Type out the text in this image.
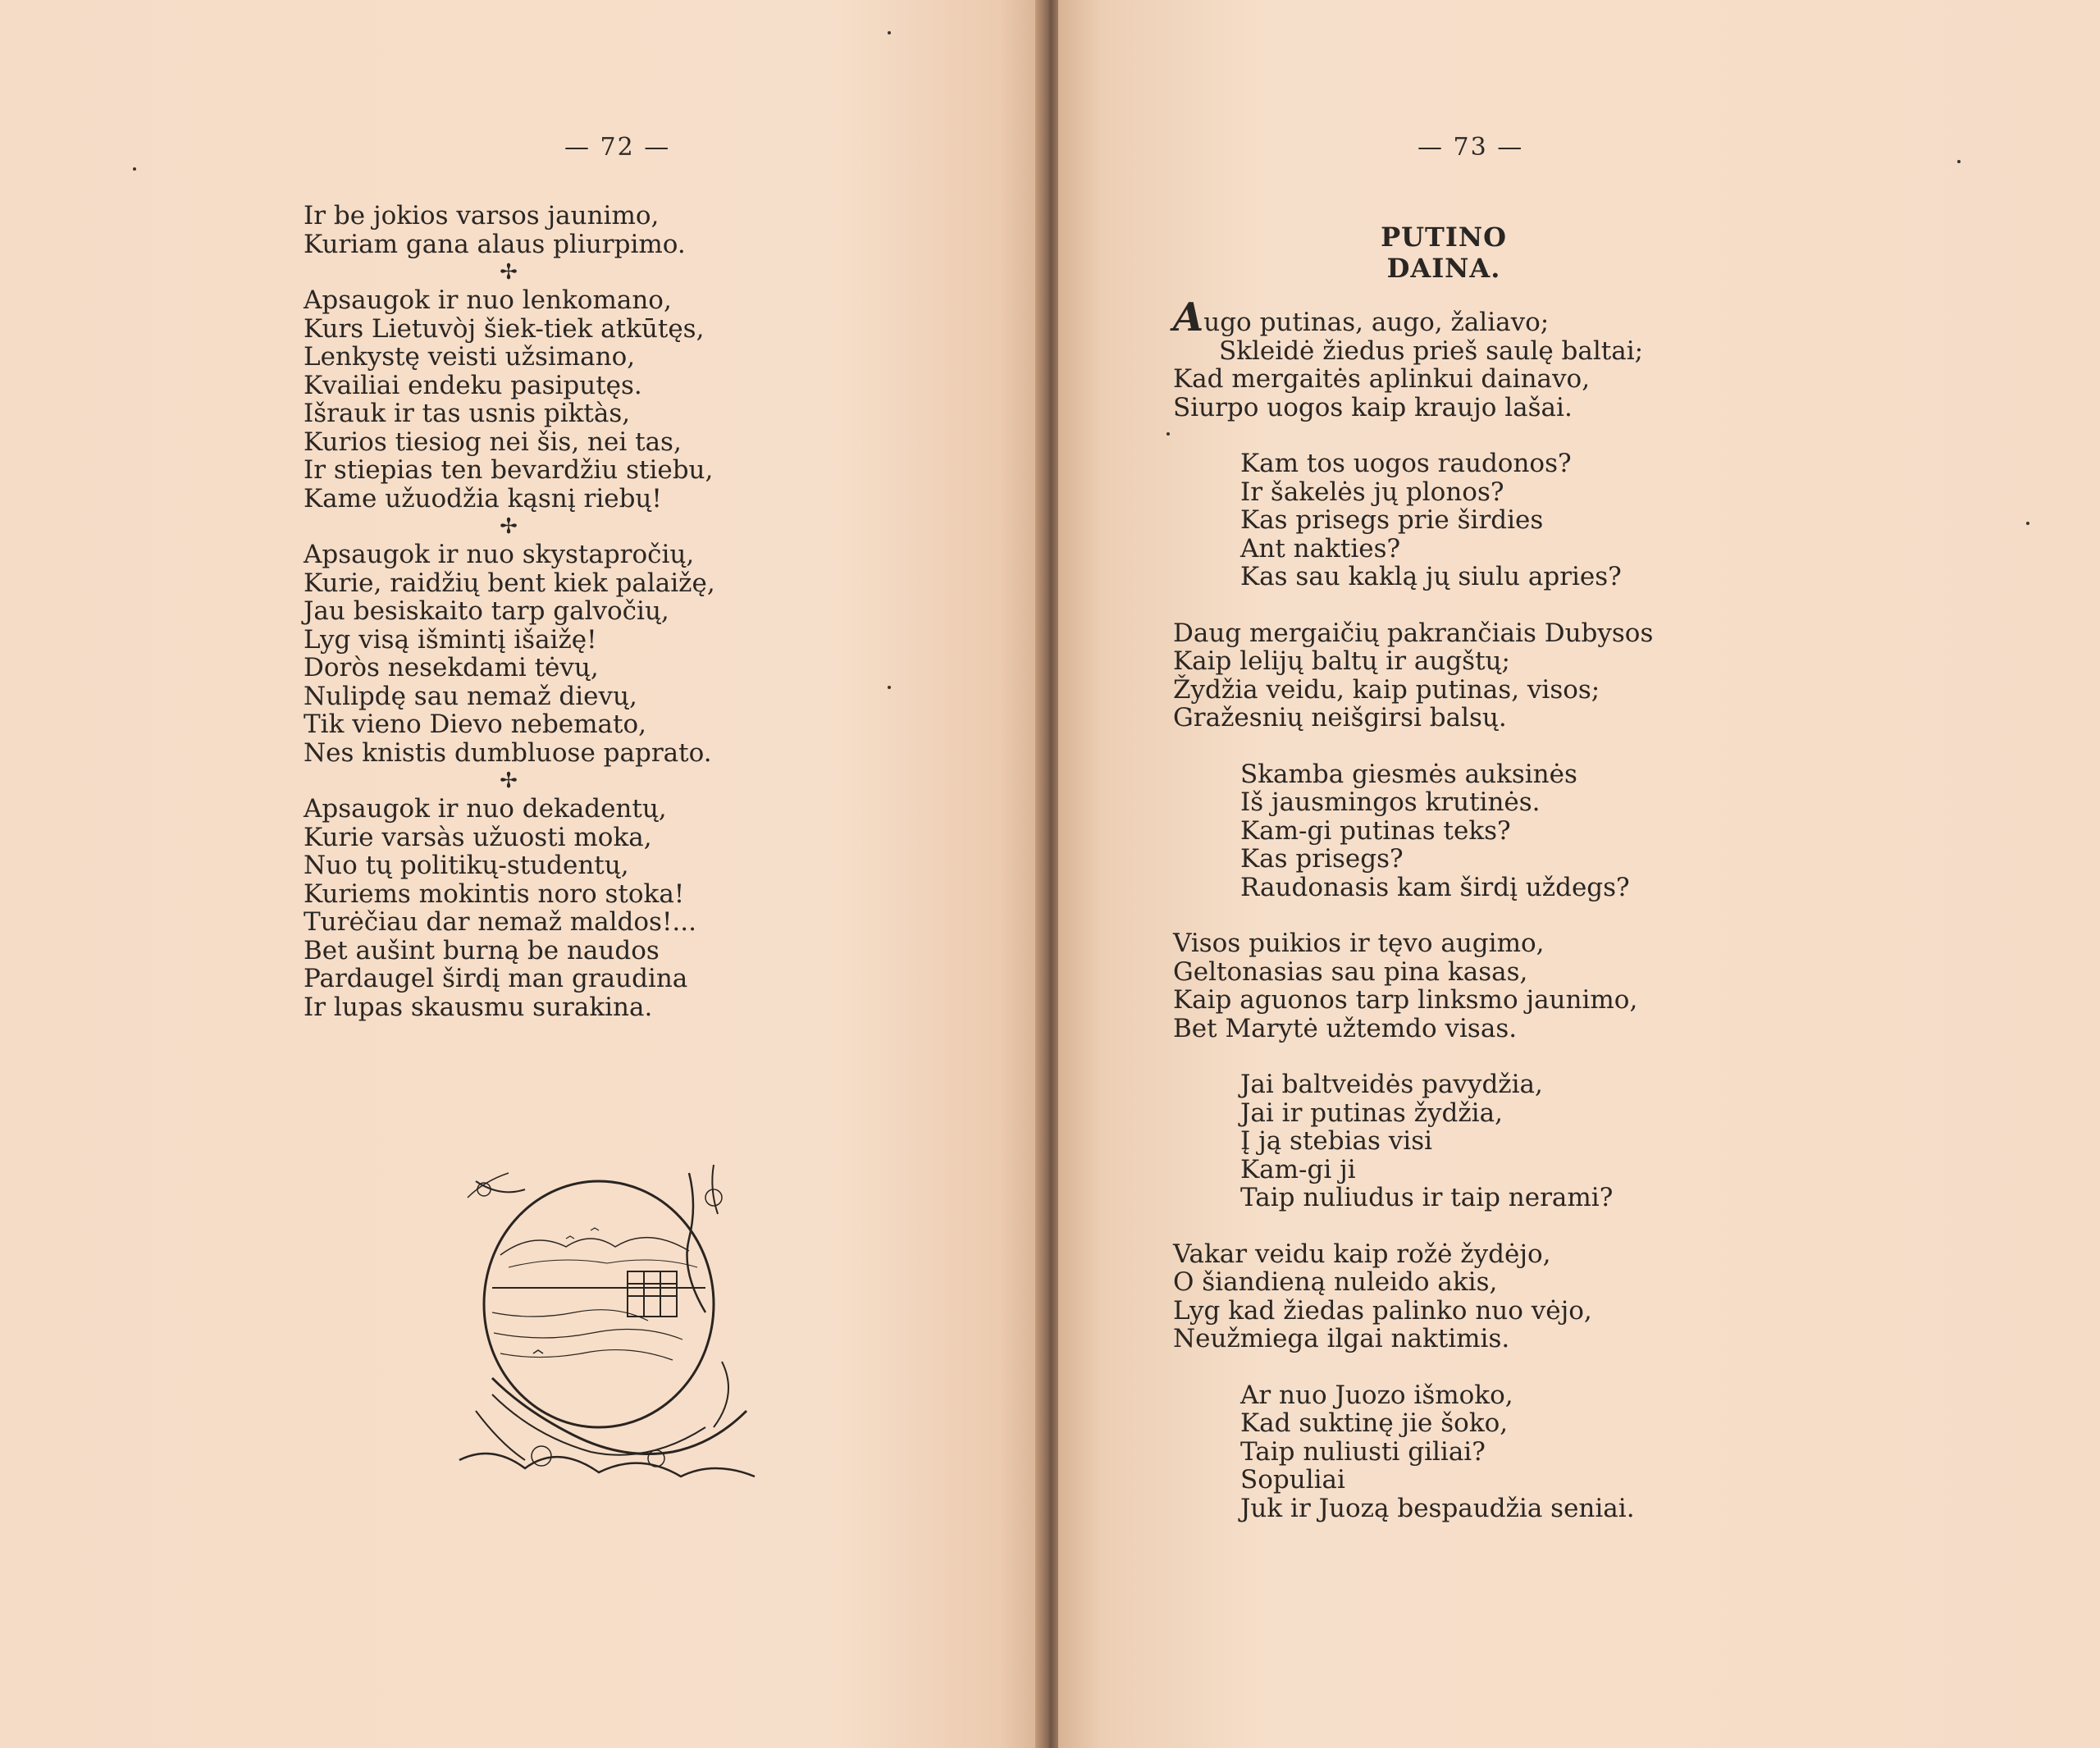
— 72 —
Ir be jokios varsos jaunimo,
Kuriam gana alaus pliurpimo.
✢
Apsaugok ir nuo lenkomano,
Kurs Lietuvòj šiek-tiek atkūtęs,
Lenkystę veisti užsimano,
Kvailiai endeku pasiputęs.
Išrauk ir tas usnis piktàs,
Kurios tiesiog nei šis, nei tas,
Ir stiepias ten bevardžiu stiebu,
Kame užuodžia kąsnį riebų!
✢
Apsaugok ir nuo skystapročių,
Kurie, raidžių bent kiek palaižę,
Jau besiskaito tarp galvočių,
Lyg visą išmintį išaižę!
Doròs nesekdami tėvų,
Nulipdę sau nemaž dievų,
Tik vieno Dievo nebemato,
Nes knistis dumbluose paprato.
✢
Apsaugok ir nuo dekadentų,
Kurie varsàs užuosti moka,
Nuo tų politikų-studentų,
Kuriems mokintis noro stoka!
Turėčiau dar nemaž maldos!...
Bet aušint burną be naudos
Pardaugel širdį man graudina
Ir lupas skausmu surakina.
— 73 —
PUTINO DAINA.
Augo putinas, augo, žaliavo;
Skleidė žiedus prieš saulę baltai;
Kad mergaitės aplinkui dainavo,
Siurpo uogos kaip kraujo lašai.
Kam tos uogos raudonos?
Ir šakelės jų plonos?
Kas prisegs prie širdies
Ant nakties?
Kas sau kaklą jų siulu apries?
Daug mergaičių pakrančiais Dubysos
Kaip lelijų baltų ir augštų;
Žydžia veidu, kaip putinas, visos;
Gražesnių neišgirsi balsų.
Skamba giesmės auksinės
Iš jausmingos krutinės.
Kam-gi putinas teks?
Kas prisegs?
Raudonasis kam širdį uždegs?
Visos puikios ir tęvo augimo,
Geltonasias sau pina kasas,
Kaip aguonos tarp linksmo jaunimo,
Bet Marytė užtemdo visas.
Jai baltveidės pavydžia,
Jai ir putinas žydžia,
Į ją stebias visi
Kam-gi ji
Taip nuliudus ir taip nerami?
Vakar veidu kaip rožė žydėjo,
O šiandieną nuleido akis,
Lyg kad žiedas palinko nuo vėjo,
Neužmiega ilgai naktimis.
Ar nuo Juozo išmoko,
Kad suktinę jie šoko,
Taip nuliusti giliai?
Sopuliai
Juk ir Juozą bespaudžia seniai.
